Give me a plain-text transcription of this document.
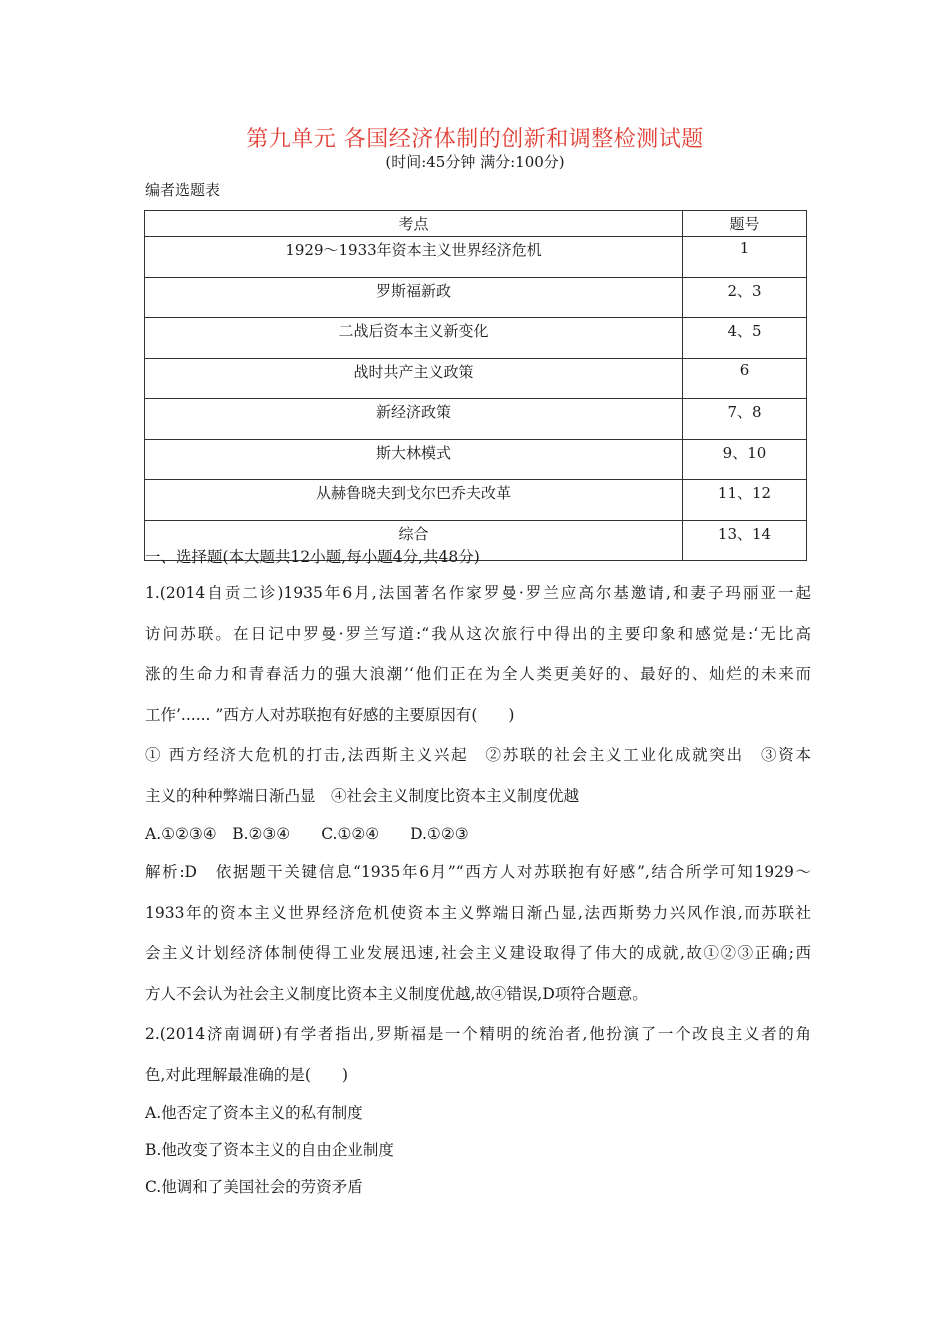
第九单元 各国经济体制的创新和调整检测试题
(时间:45分钟 满分:100分)
编者选题表
考点	题号
1929～1933年资本主义世界经济危机	1
罗斯福新政	2、3
二战后资本主义新变化	4、5
战时共产主义政策	6
新经济政策	7、8
斯大林模式	9、10
从赫鲁晓夫到戈尔巴乔夫改革	11、12
综合	13、14
一、选择题(本大题共12小题,每小题4分,共48分)
1.(2014自贡二诊)1935年6月,法国著名作家罗曼·罗兰应高尔基邀请,和妻子玛丽亚一起
访问苏联。在日记中罗曼·罗兰写道:“我从这次旅行中得出的主要印象和感觉是:‘无比高
涨的生命力和青春活力的强大浪潮’‘他们正在为全人类更美好的、最好的、灿烂的未来而
工作’...... ”西方人对苏联抱有好感的主要原因有(　　)
① 西方经济大危机的打击,法西斯主义兴起　②苏联的社会主义工业化成就突出　③资本
主义的种种弊端日渐凸显　④社会主义制度比资本主义制度优越
A.①②③④　B.②③④　　C.①②④　　D.①②③
解析:D　依据题干关键信息“1935年6月”“西方人对苏联抱有好感”,结合所学可知1929～
1933年的资本主义世界经济危机使资本主义弊端日渐凸显,法西斯势力兴风作浪,而苏联社
会主义计划经济体制使得工业发展迅速,社会主义建设取得了伟大的成就,故①②③正确;西
方人不会认为社会主义制度比资本主义制度优越,故④错误,D项符合题意。
2.(2014济南调研)有学者指出,罗斯福是一个精明的统治者,他扮演了一个改良主义者的角
色,对此理解最准确的是(　　)
A.他否定了资本主义的私有制度
B.他改变了资本主义的自由企业制度
C.他调和了美国社会的劳资矛盾
